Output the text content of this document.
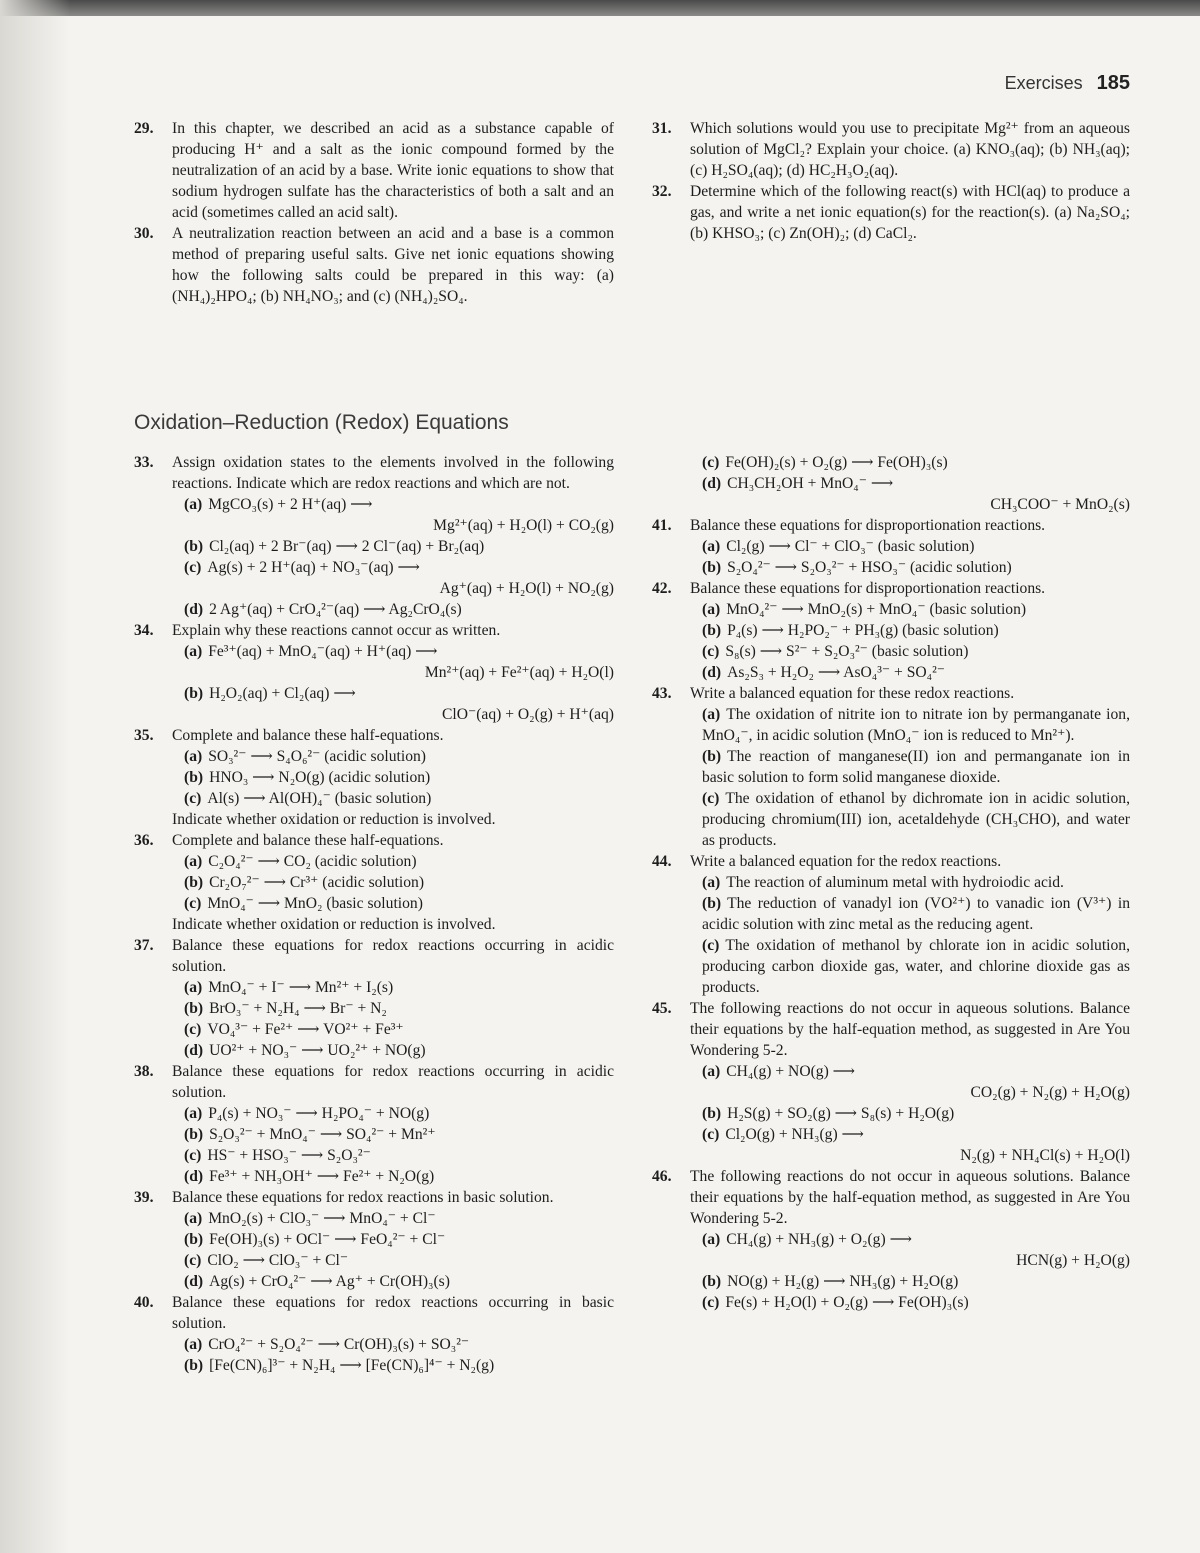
Exercises 185
29. In this chapter, we described an acid as a substance capable of producing H⁺ and a salt as the ionic compound formed by the neutralization of an acid by a base. Write ionic equations to show that sodium hydrogen sulfate has the characteristics of both a salt and an acid (sometimes called an acid salt).
30. A neutralization reaction between an acid and a base is a common method of preparing useful salts. Give net ionic equations showing how the following salts could be prepared in this way: (a) (NH₄)₂HPO₄; (b) NH₄NO₃; and (c) (NH₄)₂SO₄.
31. Which solutions would you use to precipitate Mg²⁺ from an aqueous solution of MgCl₂? Explain your choice. (a) KNO₃(aq); (b) NH₃(aq); (c) H₂SO₄(aq); (d) HC₂H₃O₂(aq).
32. Determine which of the following react(s) with HCl(aq) to produce a gas, and write a net ionic equation(s) for the reaction(s). (a) Na₂SO₄; (b) KHSO₃; (c) Zn(OH)₂; (d) CaCl₂.
Oxidation–Reduction (Redox) Equations
33. Assign oxidation states to the elements involved in the following reactions. Indicate which are redox reactions and which are not.
(a) MgCO₃(s) + 2 H⁺(aq) ⟶
Mg²⁺(aq) + H₂O(l) + CO₂(g)
(b) Cl₂(aq) + 2 Br⁻(aq) ⟶ 2 Cl⁻(aq) + Br₂(aq)
(c) Ag(s) + 2 H⁺(aq) + NO₃⁻(aq) ⟶
Ag⁺(aq) + H₂O(l) + NO₂(g)
(d) 2 Ag⁺(aq) + CrO₄²⁻(aq) ⟶ Ag₂CrO₄(s)
34. Explain why these reactions cannot occur as written.
(a) Fe³⁺(aq) + MnO₄⁻(aq) + H⁺(aq) ⟶
Mn²⁺(aq) + Fe²⁺(aq) + H₂O(l)
(b) H₂O₂(aq) + Cl₂(aq) ⟶
ClO⁻(aq) + O₂(g) + H⁺(aq)
35. Complete and balance these half-equations.
(a) SO₃²⁻ ⟶ S₄O₆²⁻ (acidic solution)
(b) HNO₃ ⟶ N₂O(g) (acidic solution)
(c) Al(s) ⟶ Al(OH)₄⁻ (basic solution)
Indicate whether oxidation or reduction is involved.
36. Complete and balance these half-equations.
(a) C₂O₄²⁻ ⟶ CO₂ (acidic solution)
(b) Cr₂O₇²⁻ ⟶ Cr³⁺ (acidic solution)
(c) MnO₄⁻ ⟶ MnO₂ (basic solution)
Indicate whether oxidation or reduction is involved.
37. Balance these equations for redox reactions occurring in acidic solution.
(a) MnO₄⁻ + I⁻ ⟶ Mn²⁺ + I₂(s)
(b) BrO₃⁻ + N₂H₄ ⟶ Br⁻ + N₂
(c) VO₄³⁻ + Fe²⁺ ⟶ VO²⁺ + Fe³⁺
(d) UO²⁺ + NO₃⁻ ⟶ UO₂²⁺ + NO(g)
38. Balance these equations for redox reactions occurring in acidic solution.
(a) P₄(s) + NO₃⁻ ⟶ H₂PO₄⁻ + NO(g)
(b) S₂O₃²⁻ + MnO₄⁻ ⟶ SO₄²⁻ + Mn²⁺
(c) HS⁻ + HSO₃⁻ ⟶ S₂O₃²⁻
(d) Fe³⁺ + NH₃OH⁺ ⟶ Fe²⁺ + N₂O(g)
39. Balance these equations for redox reactions in basic solution.
(a) MnO₂(s) + ClO₃⁻ ⟶ MnO₄⁻ + Cl⁻
(b) Fe(OH)₃(s) + OCl⁻ ⟶ FeO₄²⁻ + Cl⁻
(c) ClO₂ ⟶ ClO₃⁻ + Cl⁻
(d) Ag(s) + CrO₄²⁻ ⟶ Ag⁺ + Cr(OH)₃(s)
40. Balance these equations for redox reactions occurring in basic solution.
(a) CrO₄²⁻ + S₂O₄²⁻ ⟶ Cr(OH)₃(s) + SO₃²⁻
(b) [Fe(CN)₆]³⁻ + N₂H₄ ⟶ [Fe(CN)₆]⁴⁻ + N₂(g)
(c) Fe(OH)₂(s) + O₂(g) ⟶ Fe(OH)₃(s)
(d) CH₃CH₂OH + MnO₄⁻ ⟶
CH₃COO⁻ + MnO₂(s)
41. Balance these equations for disproportionation reactions.
(a) Cl₂(g) ⟶ Cl⁻ + ClO₃⁻ (basic solution)
(b) S₂O₄²⁻ ⟶ S₂O₃²⁻ + HSO₃⁻ (acidic solution)
42. Balance these equations for disproportionation reactions.
(a) MnO₄²⁻ ⟶ MnO₂(s) + MnO₄⁻ (basic solution)
(b) P₄(s) ⟶ H₂PO₂⁻ + PH₃(g) (basic solution)
(c) S₈(s) ⟶ S²⁻ + S₂O₃²⁻ (basic solution)
(d) As₂S₃ + H₂O₂ ⟶ AsO₄³⁻ + SO₄²⁻
43. Write a balanced equation for these redox reactions.
(a) The oxidation of nitrite ion to nitrate ion by permanganate ion, MnO₄⁻, in acidic solution (MnO₄⁻ ion is reduced to Mn²⁺).
(b) The reaction of manganese(II) ion and permanganate ion in basic solution to form solid manganese dioxide.
(c) The oxidation of ethanol by dichromate ion in acidic solution, producing chromium(III) ion, acetaldehyde (CH₃CHO), and water as products.
44. Write a balanced equation for the redox reactions.
(a) The reaction of aluminum metal with hydroiodic acid.
(b) The reduction of vanadyl ion (VO²⁺) to vanadic ion (V³⁺) in acidic solution with zinc metal as the reducing agent.
(c) The oxidation of methanol by chlorate ion in acidic solution, producing carbon dioxide gas, water, and chlorine dioxide gas as products.
45. The following reactions do not occur in aqueous solutions. Balance their equations by the half-equation method, as suggested in Are You Wondering 5-2.
(a) CH₄(g) + NO(g) ⟶
CO₂(g) + N₂(g) + H₂O(g)
(b) H₂S(g) + SO₂(g) ⟶ S₈(s) + H₂O(g)
(c) Cl₂O(g) + NH₃(g) ⟶
N₂(g) + NH₄Cl(s) + H₂O(l)
46. The following reactions do not occur in aqueous solutions. Balance their equations by the half-equation method, as suggested in Are You Wondering 5-2.
(a) CH₄(g) + NH₃(g) + O₂(g) ⟶
HCN(g) + H₂O(g)
(b) NO(g) + H₂(g) ⟶ NH₃(g) + H₂O(g)
(c) Fe(s) + H₂O(l) + O₂(g) ⟶ Fe(OH)₃(s)
